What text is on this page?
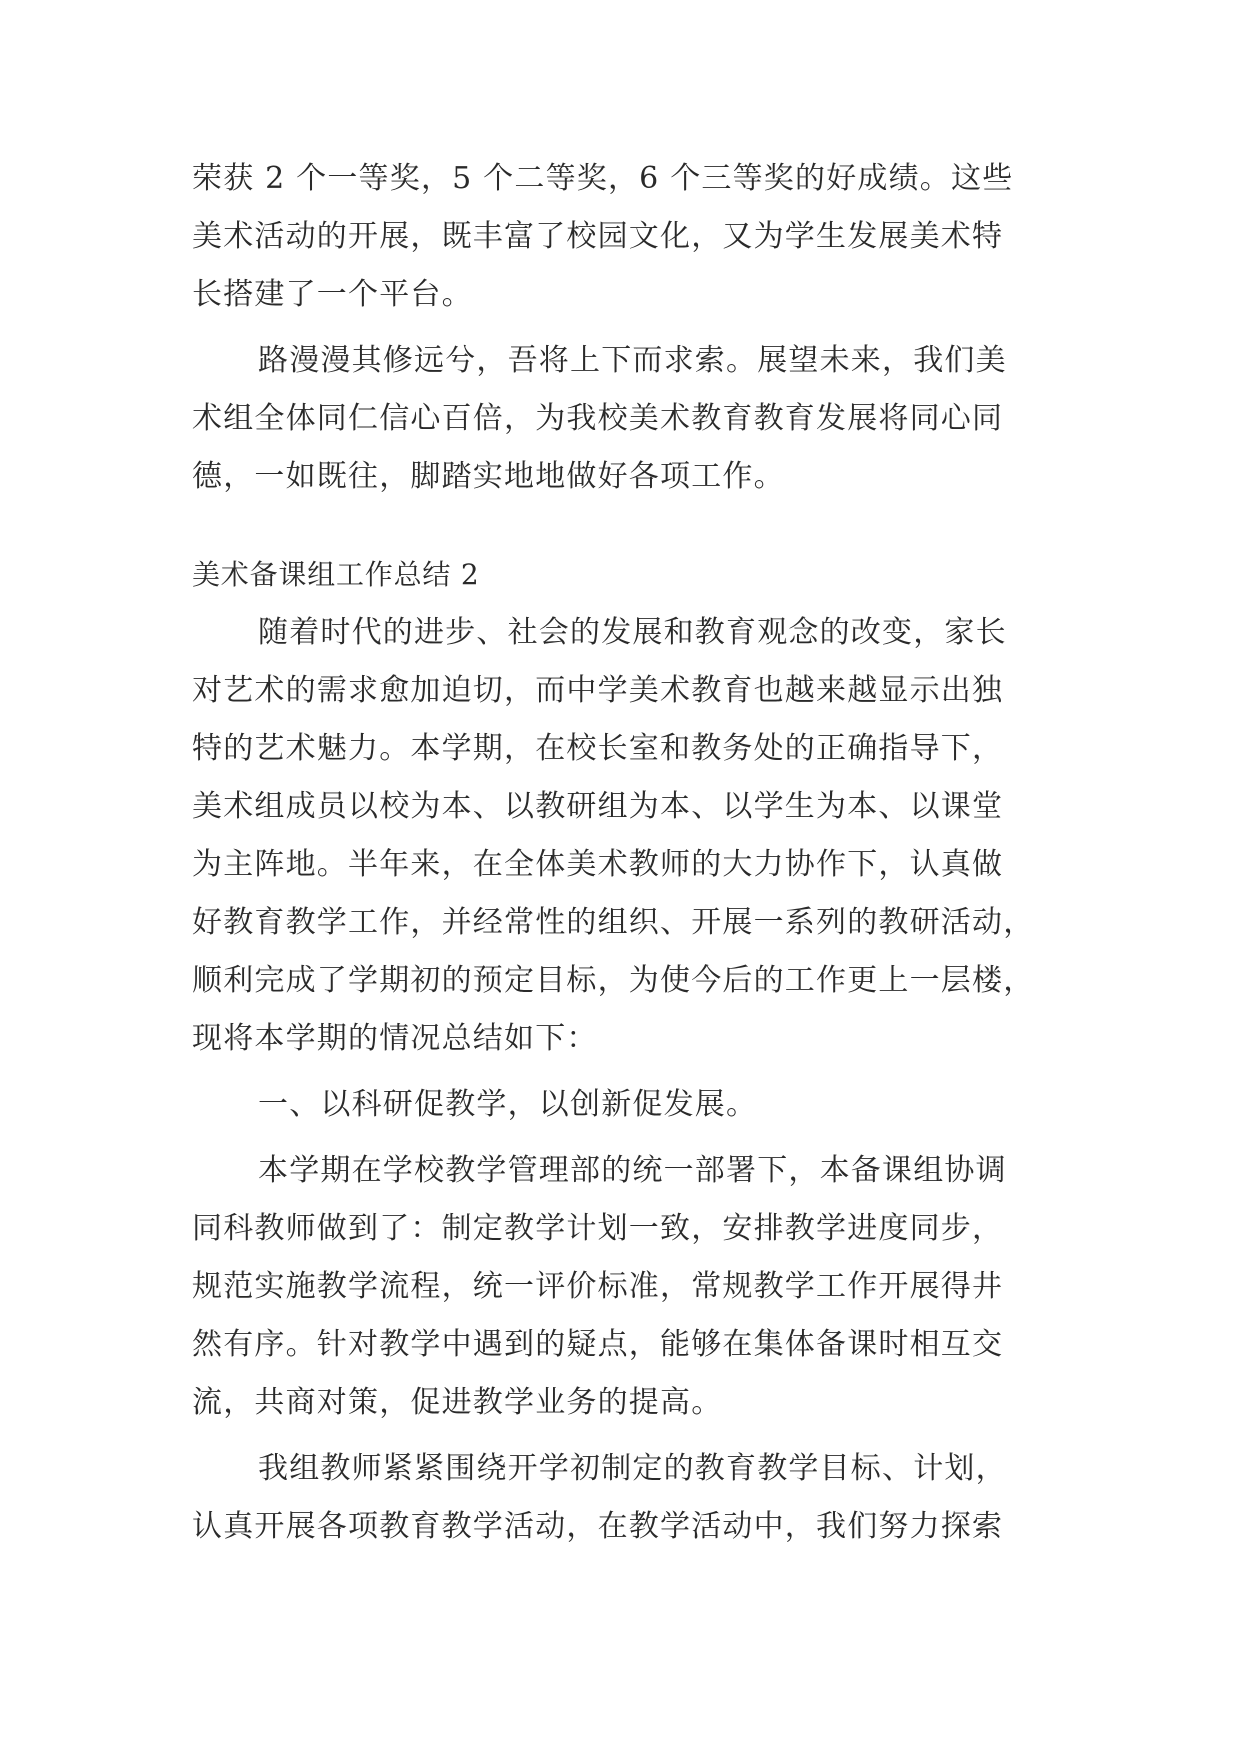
荣获 2 个一等奖，5 个二等奖，6 个三等奖的好成绩。这些
美术活动的开展，既丰富了校园文化，又为学生发展美术特
长搭建了一个平台。
路漫漫其修远兮，吾将上下而求索。展望未来，我们美
术组全体同仁信心百倍，为我校美术教育教育发展将同心同
德，一如既往，脚踏实地地做好各项工作。
美术备课组工作总结 2
随着时代的进步、社会的发展和教育观念的改变，家长
对艺术的需求愈加迫切，而中学美术教育也越来越显示出独
特的艺术魅力。本学期，在校长室和教务处的正确指导下，
美术组成员以校为本、以教研组为本、以学生为本、以课堂
为主阵地。半年来，在全体美术教师的大力协作下，认真做
好教育教学工作，并经常性的组织、开展一系列的教研活动，
顺利完成了学期初的预定目标，为使今后的工作更上一层楼，
现将本学期的情况总结如下：
一、以科研促教学，以创新促发展。
本学期在学校教学管理部的统一部署下，本备课组协调
同科教师做到了：制定教学计划一致，安排教学进度同步，
规范实施教学流程，统一评价标准，常规教学工作开展得井
然有序。针对教学中遇到的疑点，能够在集体备课时相互交
流，共商对策，促进教学业务的提高。
我组教师紧紧围绕开学初制定的教育教学目标、计划，
认真开展各项教育教学活动，在教学活动中，我们努力探索
